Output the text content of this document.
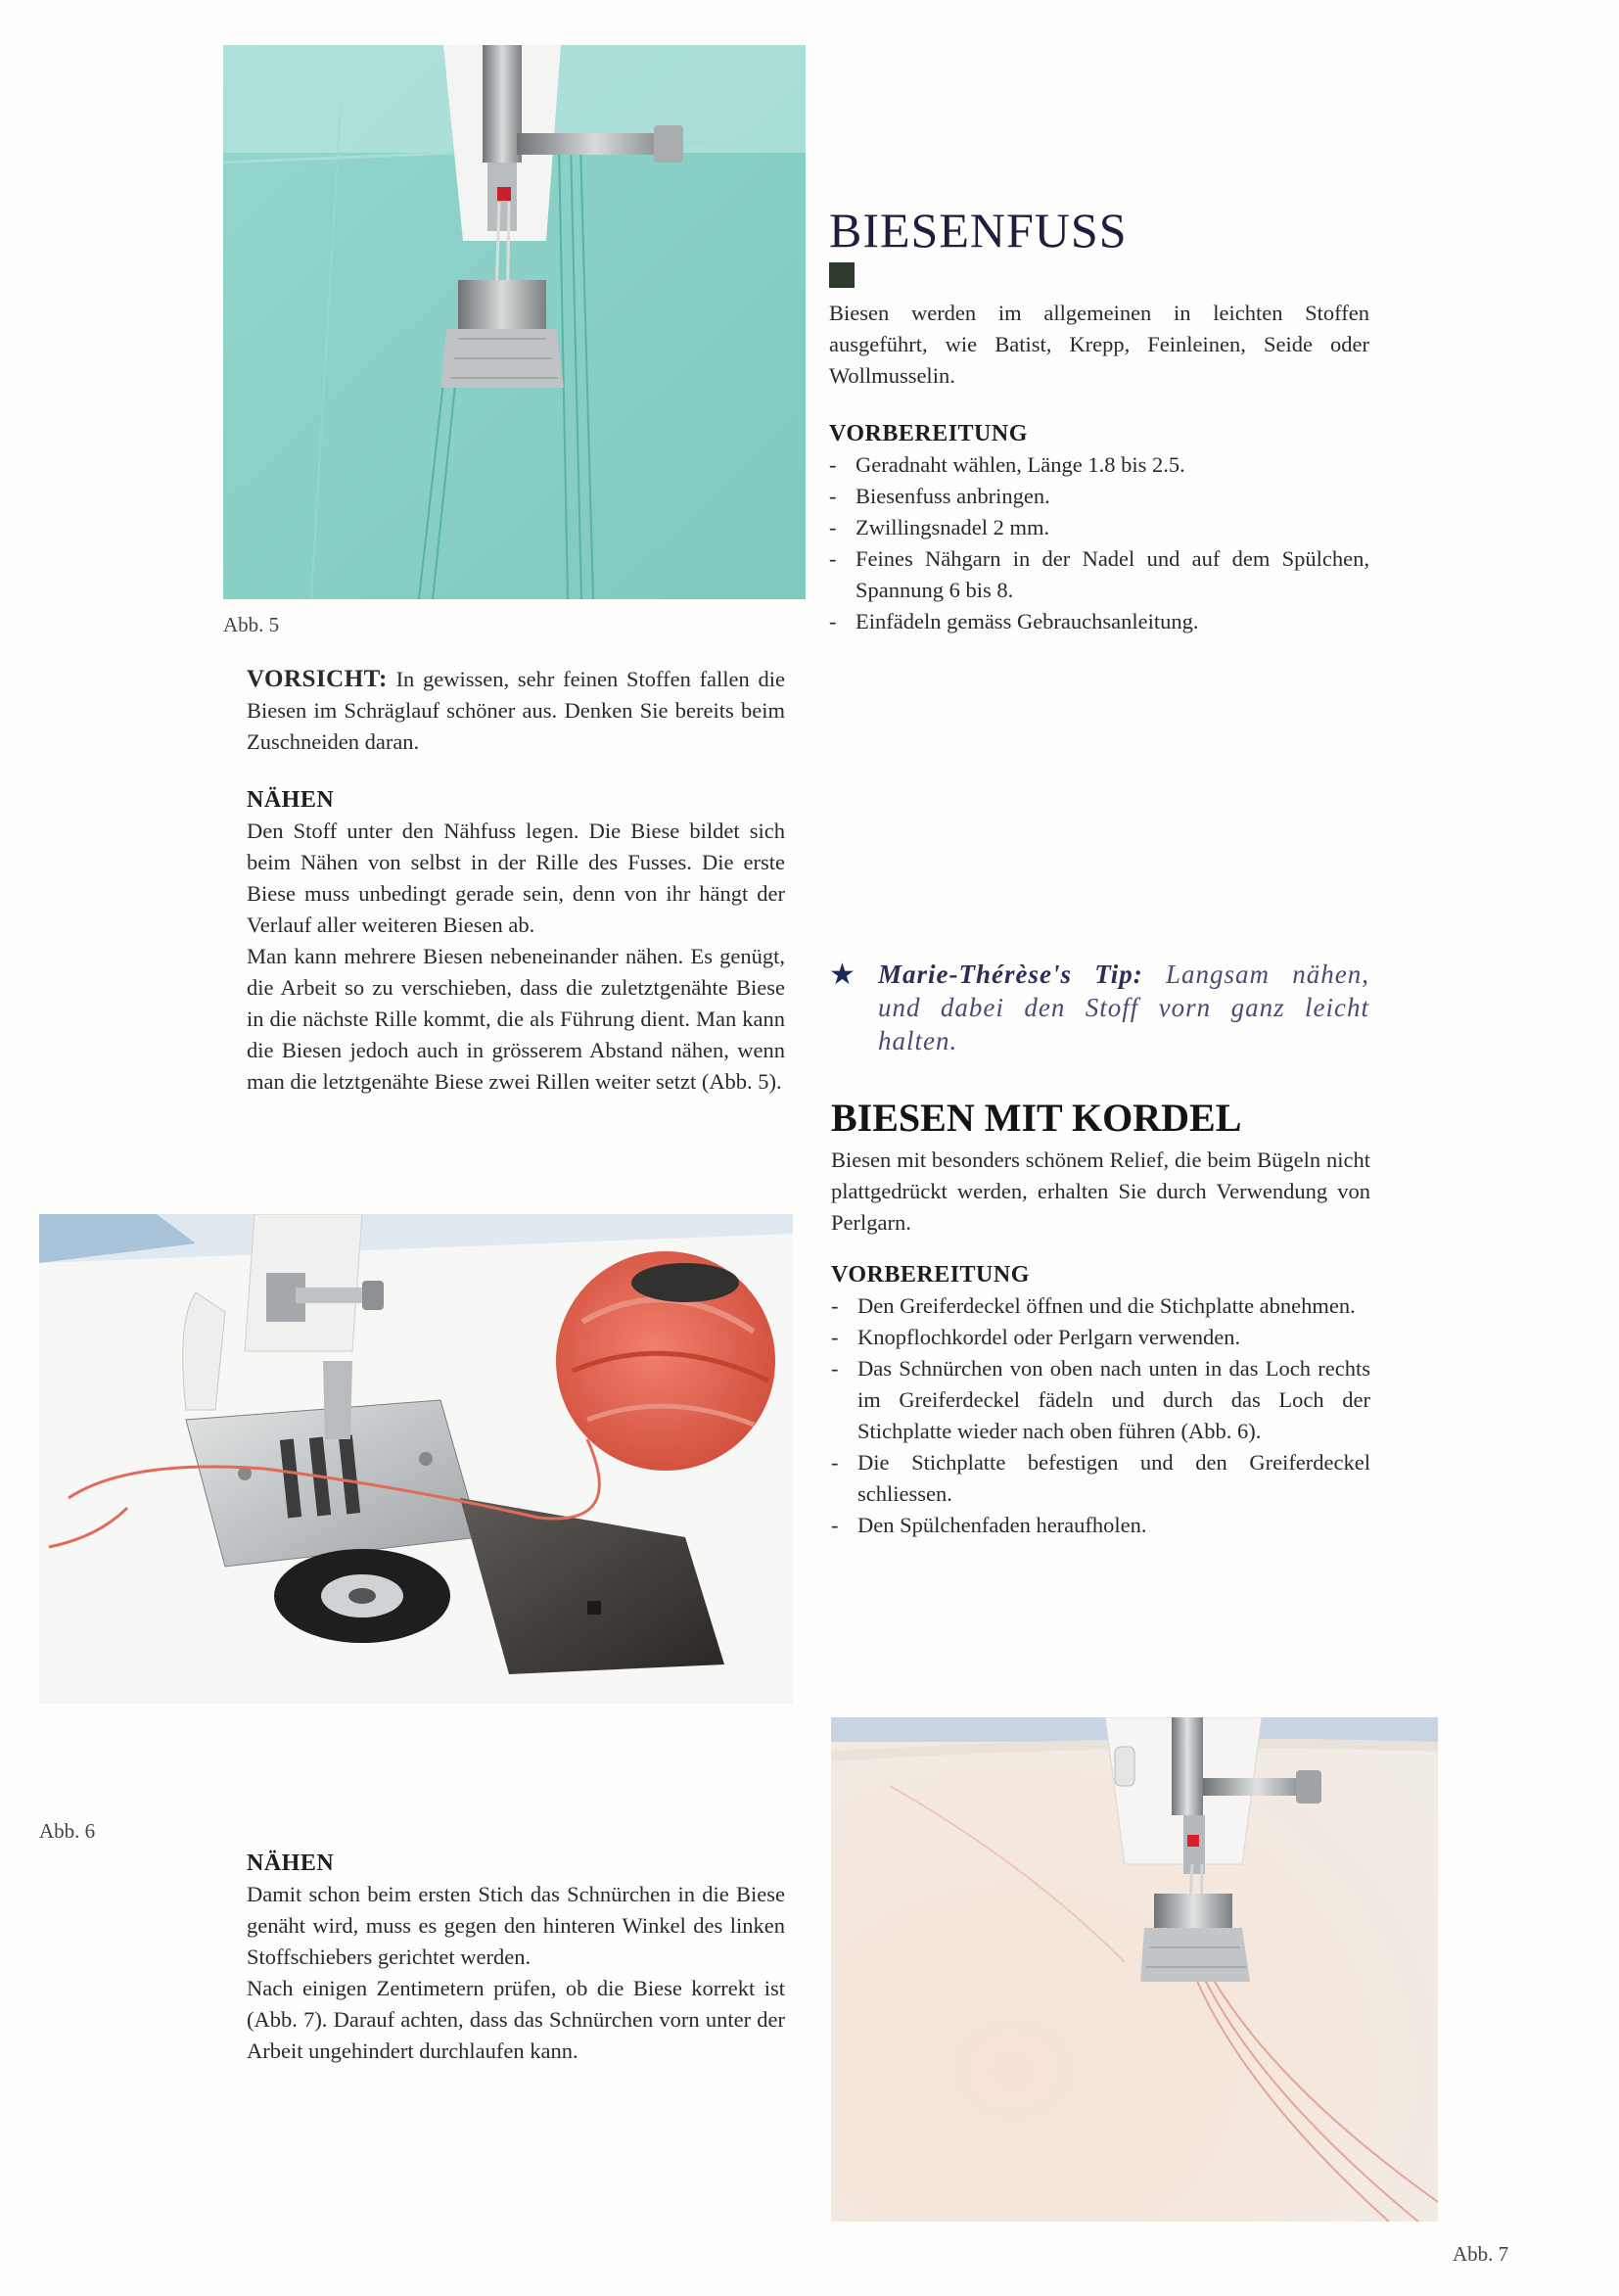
Abb. 5
BIESENFUSS
Biesen werden im allgemeinen in leichten Stoffen ausgeführt, wie Batist, Krepp, Feinleinen, Seide oder Wollmusselin.
VORBEREITUNG
- Geradnaht wählen, Länge 1.8 bis 2.5.
- Biesenfuss anbringen.
- Zwillingsnadel 2 mm.
- Feines Nähgarn in der Nadel und auf dem Spülchen, Spannung 6 bis 8.
- Einfädeln gemäss Gebrauchsanleitung.
VORSICHT: In gewissen, sehr feinen Stoffen fallen die Biesen im Schräglauf schöner aus. Denken Sie bereits beim Zuschneiden daran.
NÄHEN
Den Stoff unter den Nähfuss legen. Die Biese bildet sich beim Nähen von selbst in der Rille des Fusses. Die erste Biese muss unbedingt gerade sein, denn von ihr hängt der Verlauf aller weiteren Biesen ab.
Man kann mehrere Biesen nebeneinander nähen. Es genügt, die Arbeit so zu verschieben, dass die zuletztgenähte Biese in die nächste Rille kommt, die als Führung dient. Man kann die Biesen jedoch auch in grösserem Abstand nähen, wenn man die letztgenähte Biese zwei Rillen weiter setzt (Abb. 5).
★ Marie-Thérèse's Tip: Langsam nähen, und dabei den Stoff vorn ganz leicht halten.
BIESEN MIT KORDEL
Biesen mit besonders schönem Relief, die beim Bügeln nicht plattgedrückt werden, erhalten Sie durch Verwendung von Perlgarn.
VORBEREITUNG
- Den Greiferdeckel öffnen und die Stichplatte abnehmen.
- Knopflochkordel oder Perlgarn verwenden.
- Das Schnürchen von oben nach unten in das Loch rechts im Greiferdeckel fädeln und durch das Loch der Stichplatte wieder nach oben führen (Abb. 6).
- Die Stichplatte befestigen und den Greiferdeckel schliessen.
- Den Spülchenfaden heraufholen.
Abb. 6
NÄHEN
Damit schon beim ersten Stich das Schnürchen in die Biese genäht wird, muss es gegen den hinteren Winkel des linken Stoffschiebers gerichtet werden.
Nach einigen Zentimetern prüfen, ob die Biese korrekt ist (Abb. 7). Darauf achten, dass das Schnürchen vorn unter der Arbeit ungehindert durchlaufen kann.
Abb. 7
